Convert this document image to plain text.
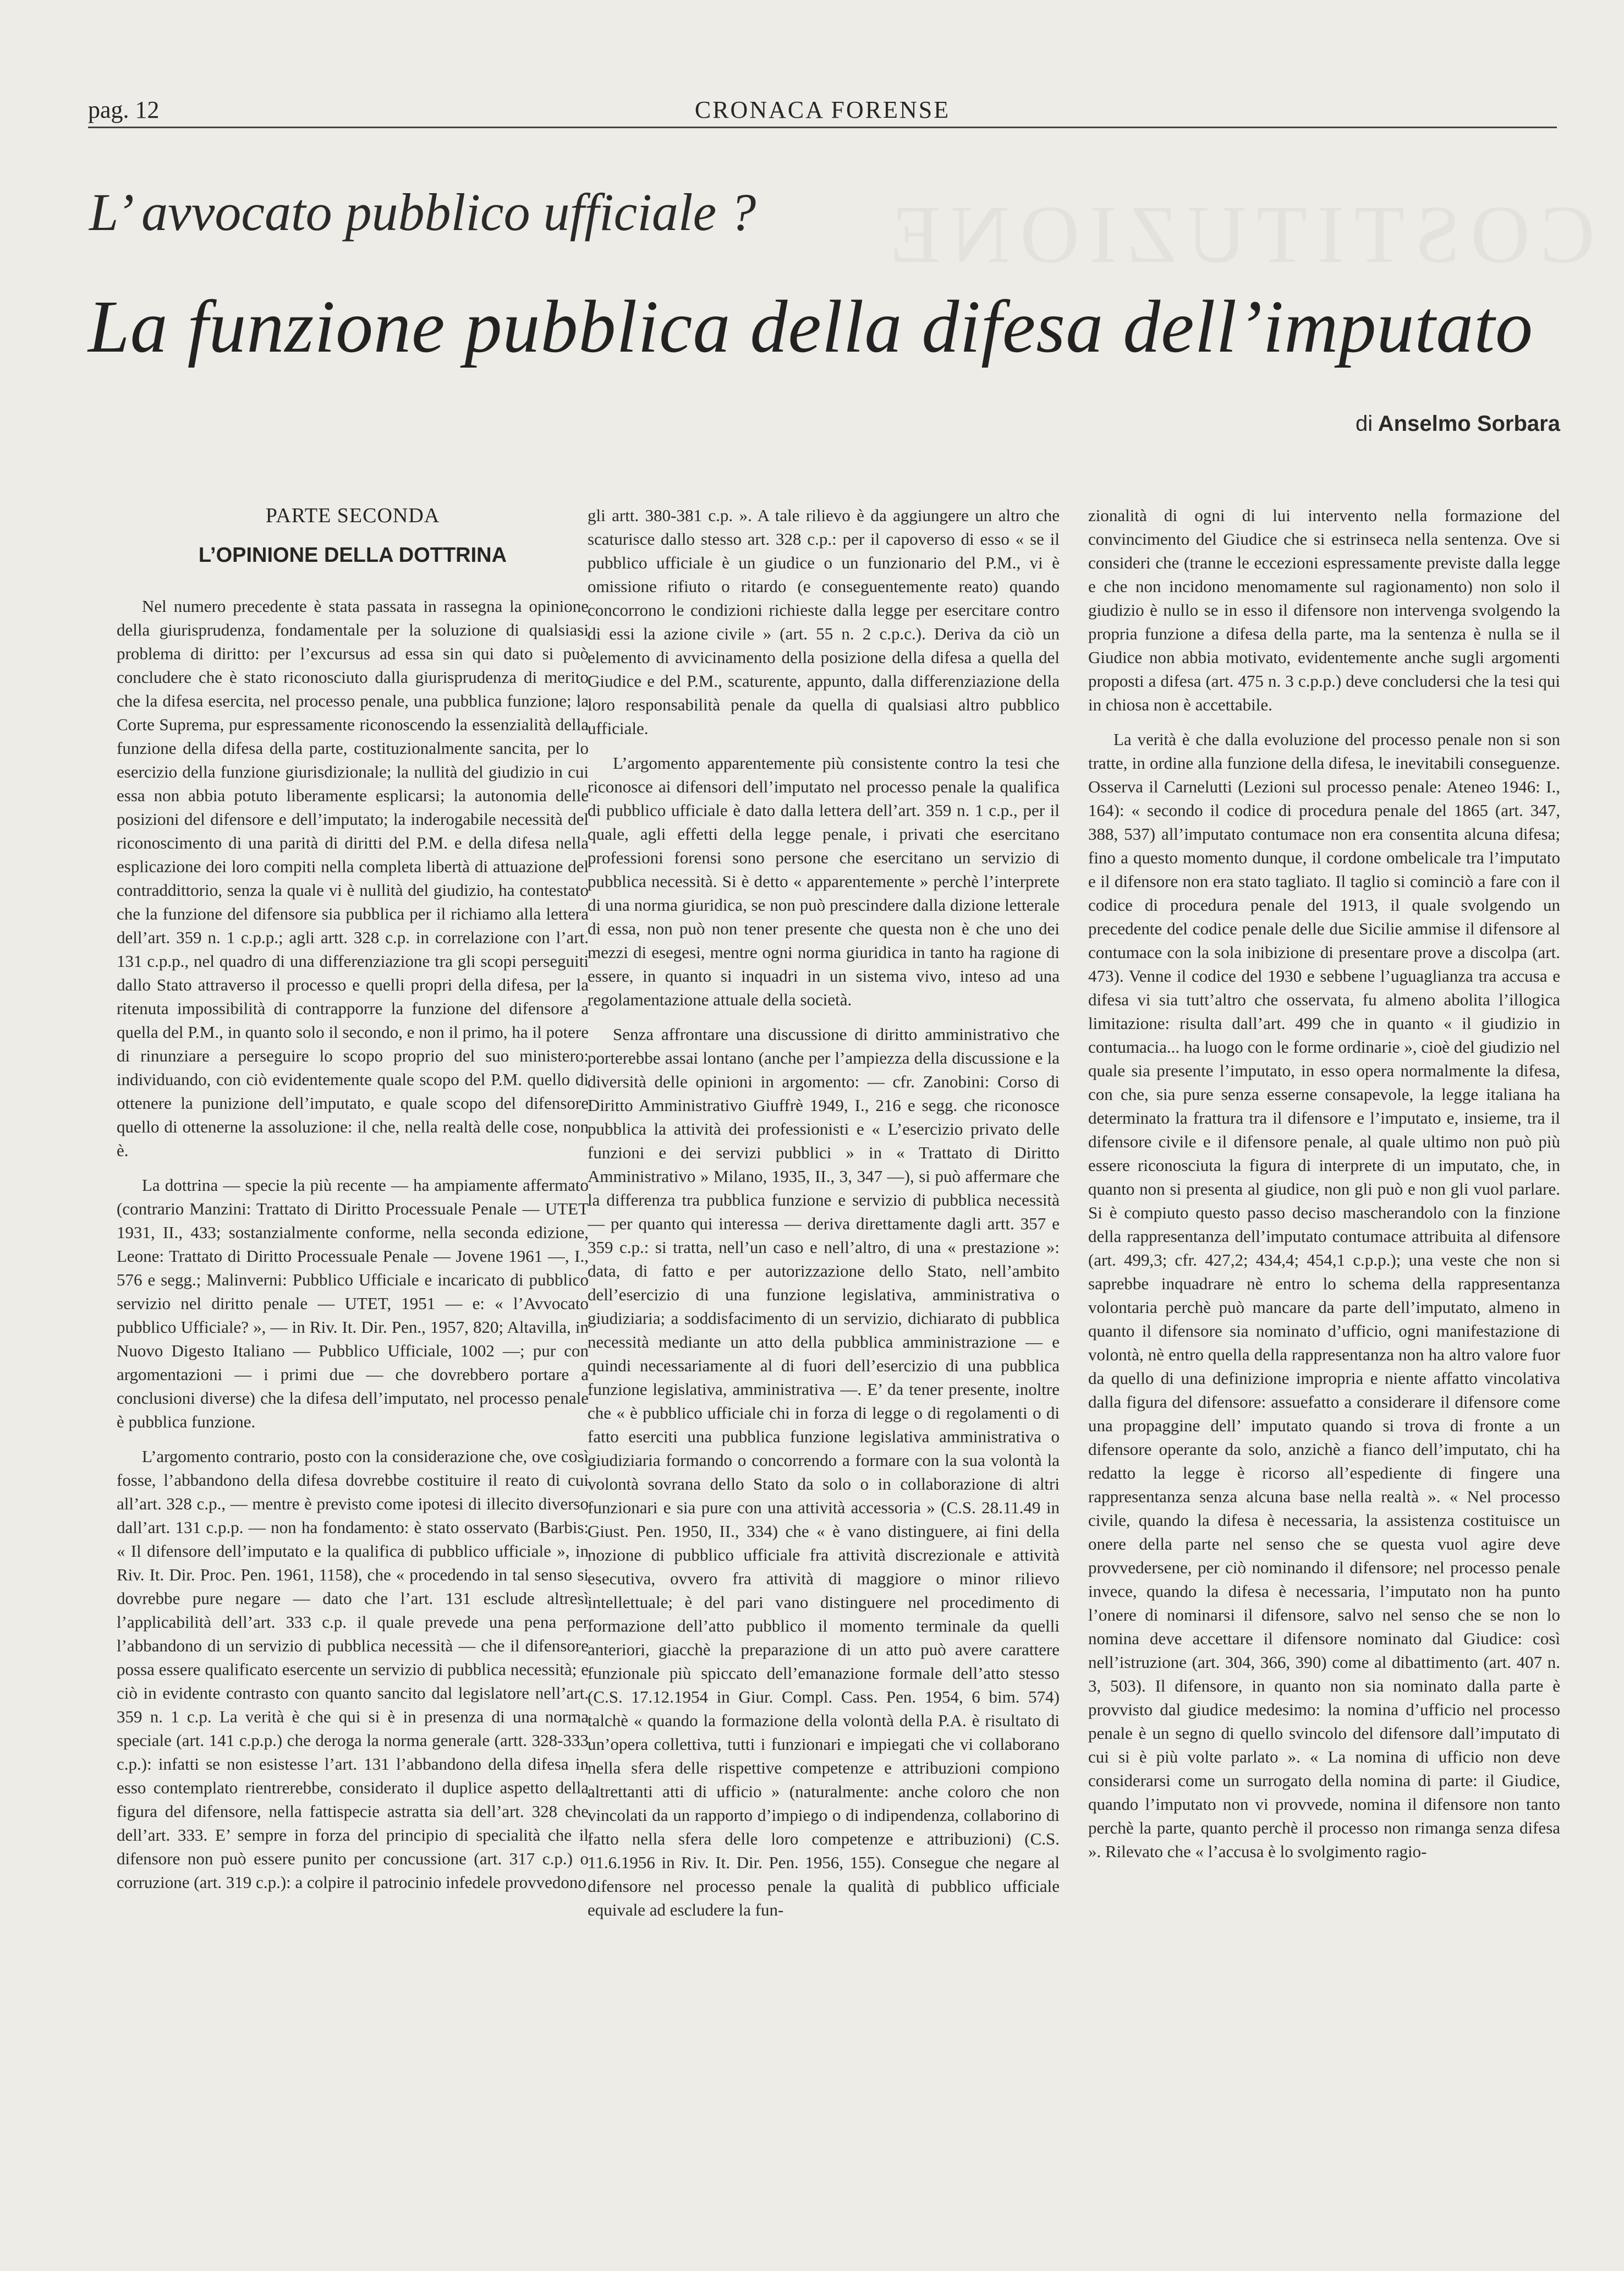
COSTITUZIONE
pag. 12	CRONACA FORENSE
L’ avvocato pubblico ufficiale ?
La funzione pubblica della difesa dell’imputato
di Anselmo Sorbara
PARTE SECONDA
L’OPINIONE DELLA DOTTRINA

Nel numero precedente è stata passata in rassegna la opinione della giurisprudenza, fondamentale per la soluzione di qualsiasi problema di diritto: per l’excursus ad essa sin qui dato si può concludere che è stato riconosciuto dalla giurisprudenza di merito che la difesa esercita, nel processo penale, una pubblica funzione; la Corte Suprema, pur espressamente riconoscendo la essenzialità della funzione della difesa della parte, costituzionalmente sancita, per lo esercizio della funzione giurisdizionale; la nullità del giudizio in cui essa non abbia potuto liberamente esplicarsi; la autonomia delle posizioni del difensore e dell’imputato; la inderogabile necessità del riconoscimento di una parità di diritti del P.M. e della difesa nella esplicazione dei loro compiti nella completa libertà di attuazione del contraddittorio, senza la quale vi è nullità del giudizio, ha contestato che la funzione del difensore sia pubblica per il richiamo alla lettera dell’art. 359 n. 1 c.p.p.; agli artt. 328 c.p. in correlazione con l’art. 131 c.p.p., nel quadro di una differenziazione tra gli scopi perseguiti dallo Stato attraverso il processo e quelli propri della difesa, per la ritenuta impossibilità di contrapporre la funzione del difensore a quella del P.M., in quanto solo il secondo, e non il primo, ha il potere di rinunziare a perseguire lo scopo proprio del suo ministero: individuando, con ciò evidentemente quale scopo del P.M. quello di ottenere la punizione dell’imputato, e quale scopo del difensore quello di ottenerne la assoluzione: il che, nella realtà delle cose, non è.

La dottrina — specie la più recente — ha ampiamente affermato (contrario Manzini: Trattato di Diritto Processuale Penale — UTET 1931, II., 433; sostanzialmente conforme, nella seconda edizione, Leone: Trattato di Diritto Processuale Penale — Jovene 1961 —, I., 576 e segg.; Malinverni: Pubblico Ufficiale e incaricato di pubblico servizio nel diritto penale — UTET, 1951 — e: « l’Avvocato pubblico Ufficiale? », — in Riv. It. Dir. Pen., 1957, 820; Altavilla, in Nuovo Digesto Italiano — Pubblico Ufficiale, 1002 —; pur con argomentazioni — i primi due — che dovrebbero portare a conclusioni diverse) che la difesa dell’imputato, nel processo penale è pubblica funzione.

L’argomento contrario, posto con la considerazione che, ove così fosse, l’abbandono della difesa dovrebbe costituire il reato di cui all’art. 328 c.p., — mentre è previsto come ipotesi di illecito diverso dall’art. 131 c.p.p. — non ha fondamento: è stato osservato (Barbis: « Il difensore dell’imputato e la qualifica di pubblico ufficiale », in Riv. It. Dir. Proc. Pen. 1961, 1158), che « procedendo in tal senso si dovrebbe pure negare — dato che l’art. 131 esclude altresì l’applicabilità dell’art. 333 c.p. il quale prevede una pena per l’abbandono di un servizio di pubblica necessità — che il difensore possa essere qualificato esercente un servizio di pubblica necessità; e ciò in evidente contrasto con quanto sancito dal legislatore nell’art. 359 n. 1 c.p. La verità è che qui si è in presenza di una norma speciale (art. 141 c.p.p.) che deroga la norma generale (artt. 328-333 c.p.): infatti se non esistesse l’art. 131 l’abbandono della difesa in esso contemplato rientrerebbe, considerato il duplice aspetto della figura del difensore, nella fattispecie astratta sia dell’art. 328 che dell’art. 333. E’ sempre in forza del principio di specialità che il difensore non può essere punito per concussione (art. 317 c.p.) o corruzione (art. 319 c.p.): a colpire il patrocinio infedele provvedono

gli artt. 380-381 c.p. ». A tale rilievo è da aggiungere un altro che scaturisce dallo stesso art. 328 c.p.: per il capoverso di esso « se il pubblico ufficiale è un giudice o un funzionario del P.M., vi è omissione rifiuto o ritardo (e conseguentemente reato) quando concorrono le condizioni richieste dalla legge per esercitare contro di essi la azione civile » (art. 55 n. 2 c.p.c.). Deriva da ciò un elemento di avvicinamento della posizione della difesa a quella del Giudice e del P.M., scaturente, appunto, dalla differenziazione della loro responsabilità penale da quella di qualsiasi altro pubblico ufficiale.

L’argomento apparentemente più consistente contro la tesi che riconosce ai difensori dell’imputato nel processo penale la qualifica di pubblico ufficiale è dato dalla lettera dell’art. 359 n. 1 c.p., per il quale, agli effetti della legge penale, i privati che esercitano professioni forensi sono persone che esercitano un servizio di pubblica necessità. Si è detto « apparentemente » perchè l’interprete di una norma giuridica, se non può prescindere dalla dizione letterale di essa, non può non tener presente che questa non è che uno dei mezzi di esegesi, mentre ogni norma giuridica in tanto ha ragione di essere, in quanto si inquadri in un sistema vivo, inteso ad una regolamentazione attuale della società.

Senza affrontare una discussione di diritto amministrativo che porterebbe assai lontano (anche per l’ampiezza della discussione e la diversità delle opinioni in argomento: — cfr. Zanobini: Corso di Diritto Amministrativo Giuffrè 1949, I., 216 e segg. che riconosce pubblica la attività dei professionisti e « L’esercizio privato delle funzioni e dei servizi pubblici » in « Trattato di Diritto Amministrativo » Milano, 1935, II., 3, 347 —), si può affermare che la differenza tra pubblica funzione e servizio di pubblica necessità — per quanto qui interessa — deriva direttamente dagli artt. 357 e 359 c.p.: si tratta, nell’un caso e nell’altro, di una « prestazione »: data, di fatto e per autorizzazione dello Stato, nell’ambito dell’esercizio di una funzione legislativa, amministrativa o giudiziaria; a soddisfacimento di un servizio, dichiarato di pubblica necessità mediante un atto della pubblica amministrazione — e quindi necessariamente al di fuori dell’esercizio di una pubblica funzione legislativa, amministrativa —. E’ da tener presente, inoltre che « è pubblico ufficiale chi in forza di legge o di regolamenti o di fatto eserciti una pubblica funzione legislativa amministrativa o giudiziaria formando o concorrendo a formare con la sua volontà la volontà sovrana dello Stato da solo o in collaborazione di altri funzionari e sia pure con una attività accessoria » (C.S. 28.11.49 in Giust. Pen. 1950, II., 334) che « è vano distinguere, ai fini della nozione di pubblico ufficiale fra attività discrezionale e attività esecutiva, ovvero fra attività di maggiore o minor rilievo intellettuale; è del pari vano distinguere nel procedimento di formazione dell’atto pubblico il momento terminale da quelli anteriori, giacchè la preparazione di un atto può avere carattere funzionale più spiccato dell’emanazione formale dell’atto stesso (C.S. 17.12.1954 in Giur. Compl. Cass. Pen. 1954, 6 bim. 574) talchè « quando la formazione della volontà della P.A. è risultato di un’opera collettiva, tutti i funzionari e impiegati che vi collaborano nella sfera delle rispettive competenze e attribuzioni compiono altrettanti atti di ufficio » (naturalmente: anche coloro che non vincolati da un rapporto d’impiego o di indipendenza, collaborino di fatto nella sfera delle loro competenze e attribuzioni) (C.S. 11.6.1956 in Riv. It. Dir. Pen. 1956, 155). Consegue che negare al difensore nel processo penale la qualità di pubblico ufficiale equivale ad escludere la fun-

zionalità di ogni di lui intervento nella formazione del convincimento del Giudice che si estrinseca nella sentenza. Ove si consideri che (tranne le eccezioni espressamente previste dalla legge e che non incidono menomamente sul ragionamento) non solo il giudizio è nullo se in esso il difensore non intervenga svolgendo la propria funzione a difesa della parte, ma la sentenza è nulla se il Giudice non abbia motivato, evidentemente anche sugli argomenti proposti a difesa (art. 475 n. 3 c.p.p.) deve concludersi che la tesi qui in chiosa non è accettabile.

La verità è che dalla evoluzione del processo penale non si son tratte, in ordine alla funzione della difesa, le inevitabili conseguenze. Osserva il Carnelutti (Lezioni sul processo penale: Ateneo 1946: I., 164): « secondo il codice di procedura penale del 1865 (art. 347, 388, 537) all’imputato contumace non era consentita alcuna difesa; fino a questo momento dunque, il cordone ombelicale tra l’imputato e il difensore non era stato tagliato. Il taglio si cominciò a fare con il codice di procedura penale del 1913, il quale svolgendo un precedente del codice penale delle due Sicilie ammise il difensore al contumace con la sola inibizione di presentare prove a discolpa (art. 473). Venne il codice del 1930 e sebbene l’uguaglianza tra accusa e difesa vi sia tutt’altro che osservata, fu almeno abolita l’illogica limitazione: risulta dall’art. 499 che in quanto « il giudizio in contumacia... ha luogo con le forme ordinarie », cioè del giudizio nel quale sia presente l’imputato, in esso opera normalmente la difesa, con che, sia pure senza esserne consapevole, la legge italiana ha determinato la frattura tra il difensore e l’imputato e, insieme, tra il difensore civile e il difensore penale, al quale ultimo non può più essere riconosciuta la figura di interprete di un imputato, che, in quanto non si presenta al giudice, non gli può e non gli vuol parlare. Si è compiuto questo passo deciso mascherandolo con la finzione della rappresentanza dell’imputato contumace attribuita al difensore (art. 499,3; cfr. 427,2; 434,4; 454,1 c.p.p.); una veste che non si saprebbe inquadrare nè entro lo schema della rappresentanza volontaria perchè può mancare da parte dell’imputato, almeno in quanto il difensore sia nominato d’ufficio, ogni manifestazione di volontà, nè entro quella della rappresentanza non ha altro valore fuor da quello di una definizione impropria e niente affatto vincolativa dalla figura del difensore: assuefatto a considerare il difensore come una propaggine dell’ imputato quando si trova di fronte a un difensore operante da solo, anzichè a fianco dell’imputato, chi ha redatto la legge è ricorso all’espediente di fingere una rappresentanza senza alcuna base nella realtà ». « Nel processo civile, quando la difesa è necessaria, la assistenza costituisce un onere della parte nel senso che se questa vuol agire deve provvedersene, per ciò nominando il difensore; nel processo penale invece, quando la difesa è necessaria, l’imputato non ha punto l’onere di nominarsi il difensore, salvo nel senso che se non lo nomina deve accettare il difensore nominato dal Giudice: così nell’istruzione (art. 304, 366, 390) come al dibattimento (art. 407 n. 3, 503). Il difensore, in quanto non sia nominato dalla parte è provvisto dal giudice medesimo: la nomina d’ufficio nel processo penale è un segno di quello svincolo del difensore dall’imputato di cui si è più volte parlato ». « La nomina di ufficio non deve considerarsi come un surrogato della nomina di parte: il Giudice, quando l’imputato non vi provvede, nomina il difensore non tanto perchè la parte, quanto perchè il processo non rimanga senza difesa ». Rilevato che « l’accusa è lo svolgimento ragio-
